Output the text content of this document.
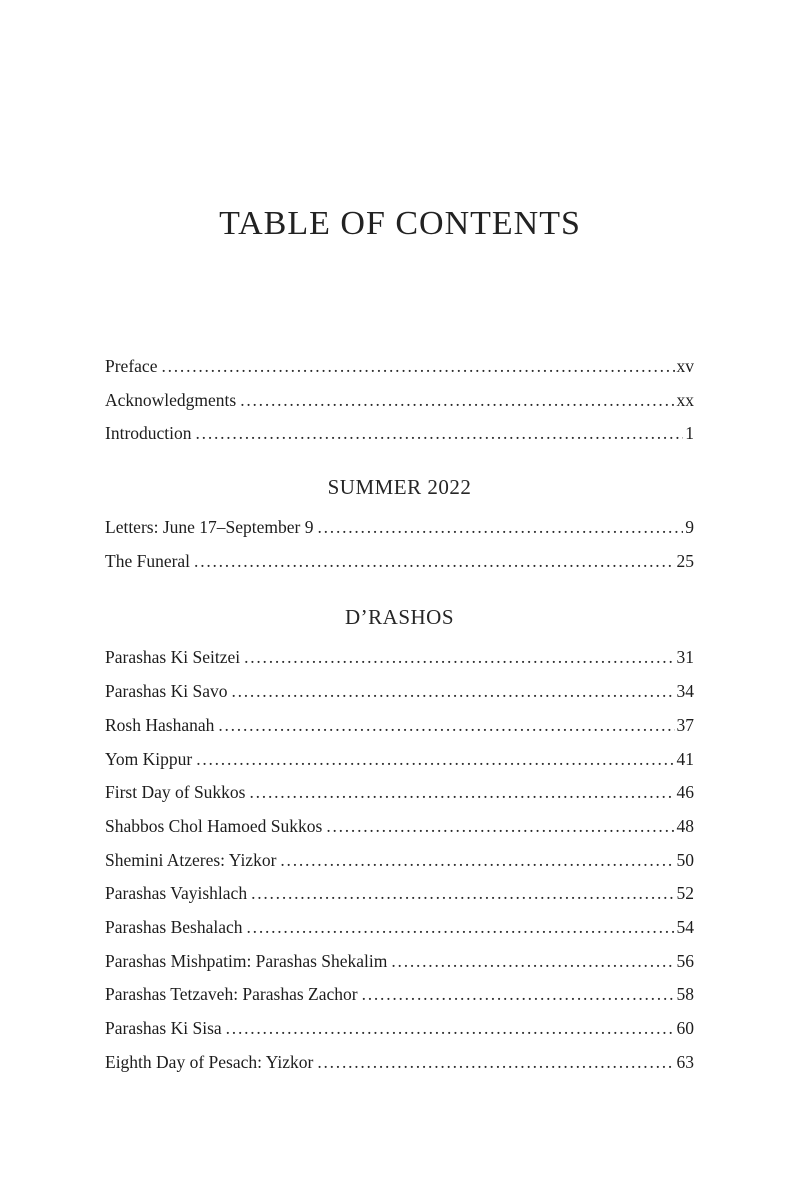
TABLE OF CONTENTS
Preface . . .	xv
Acknowledgments . . .	xx
Introduction . . .	1
SUMMER 2022
Letters: June 17–September 9 . . .	9
The Funeral . . .	25
D’RASHOS
Parashas Ki Seitzei . . .	31
Parashas Ki Savo . . .	34
Rosh Hashanah . . .	37
Yom Kippur . . .	41
First Day of Sukkos . . .	46
Shabbos Chol Hamoed Sukkos . . .	48
Shemini Atzeres: Yizkor . . .	50
Parashas Vayishlach . . .	52
Parashas Beshalach . . .	54
Parashas Mishpatim: Parashas Shekalim . . .	56
Parashas Tetzaveh: Parashas Zachor . . .	58
Parashas Ki Sisa . . .	60
Eighth Day of Pesach: Yizkor . . .	63
